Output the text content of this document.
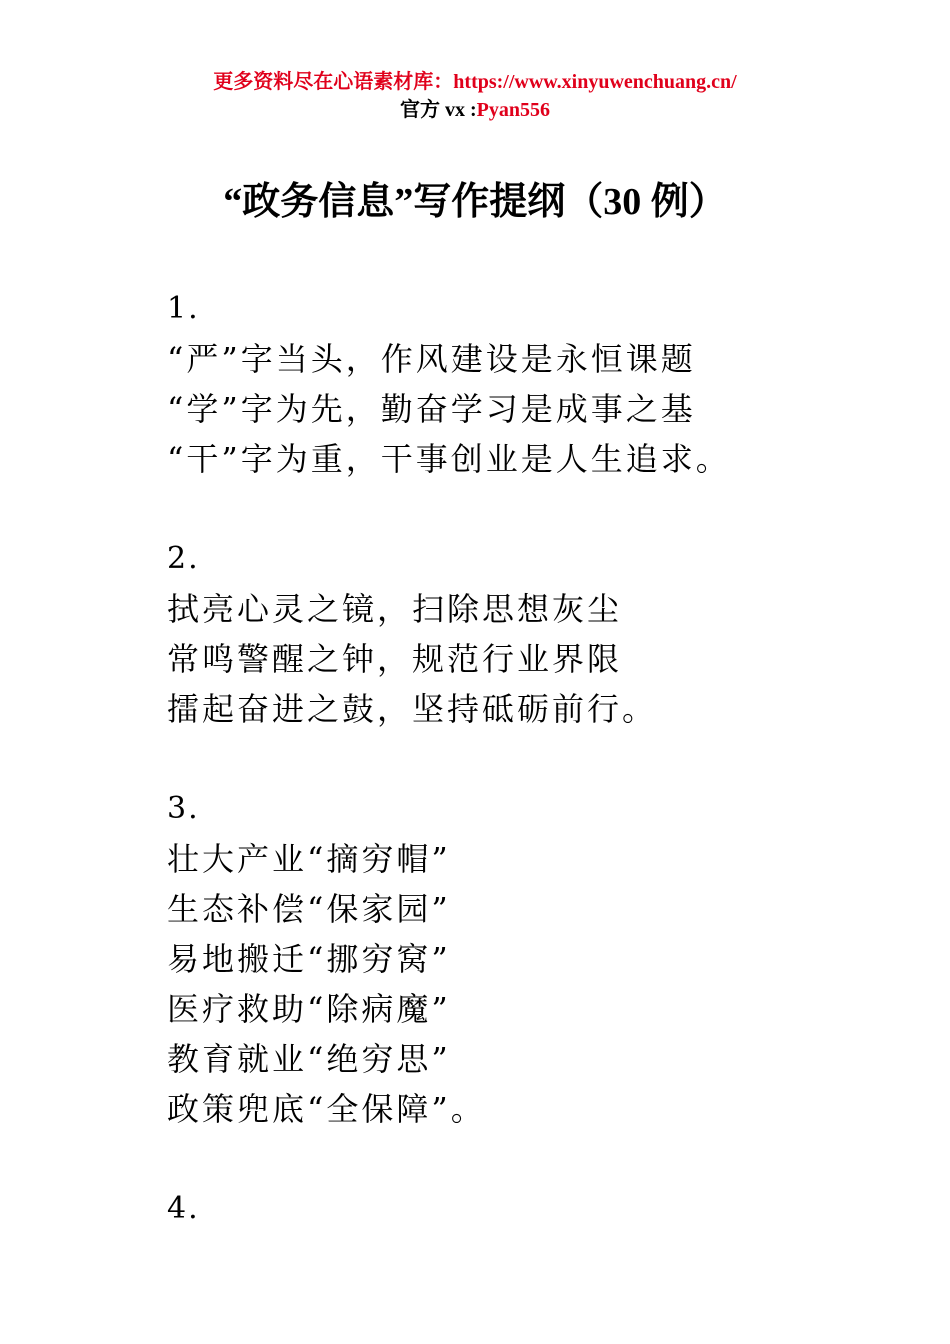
更多资料尽在心语素材库：https://www.xinyuwenchuang.cn/
官方 vx :Pyan556
“政务信息”写作提纲（30 例）
1.
“严”字当头，作风建设是永恒课题
“学”字为先，勤奋学习是成事之基
“干”字为重，干事创业是人生追求。
2.
拭亮心灵之镜，扫除思想灰尘
常鸣警醒之钟，规范行业界限
擂起奋进之鼓，坚持砥砺前行。
3.
壮大产业“摘穷帽”
生态补偿“保家园”
易地搬迁“挪穷窝”
医疗救助“除病魔”
教育就业“绝穷思”
政策兜底“全保障”。
4.
